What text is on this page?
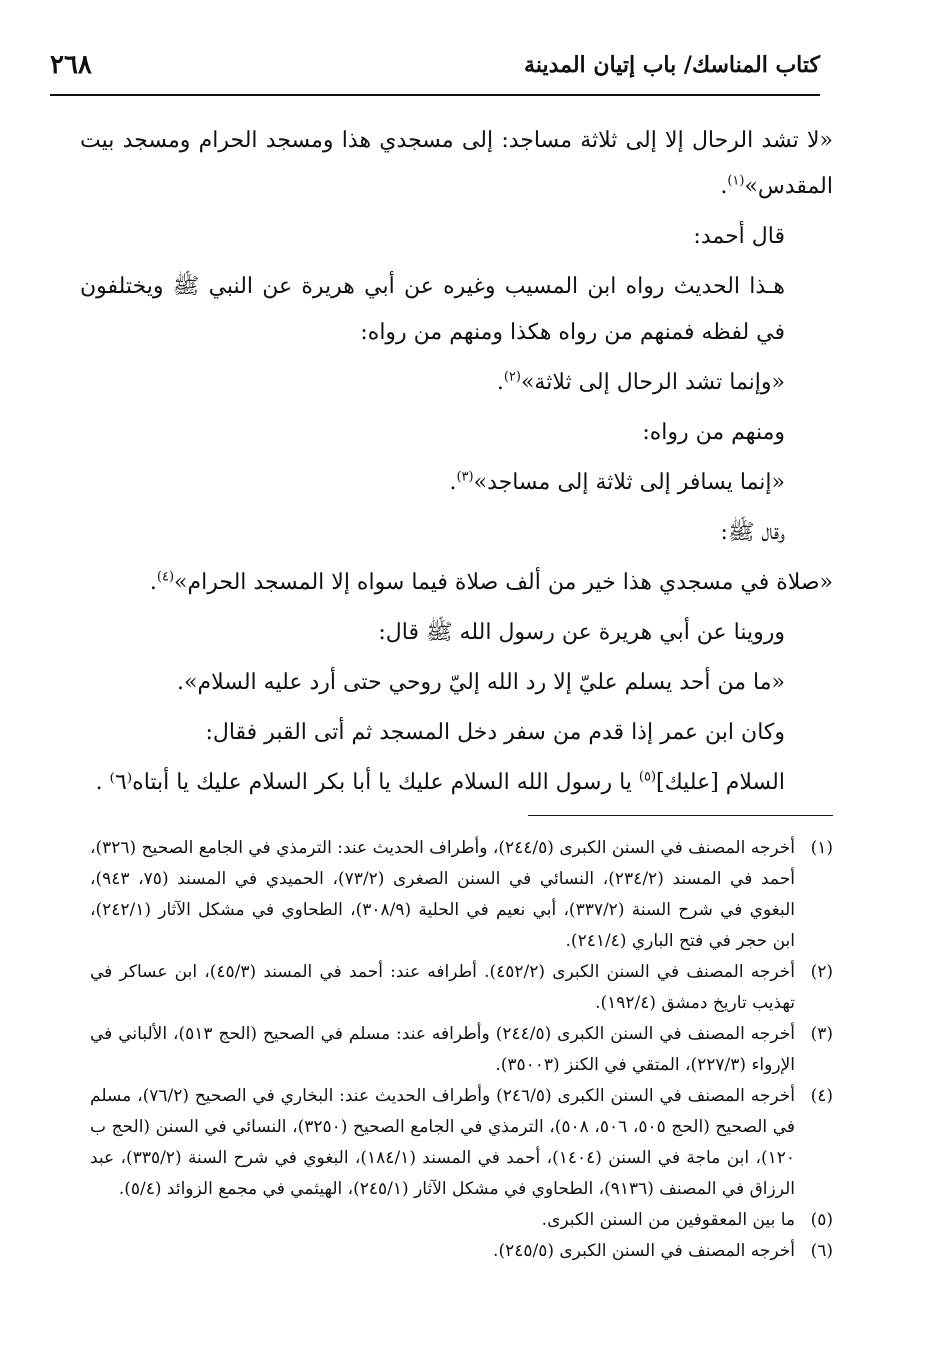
٢٦٨	كتاب المناسك/ باب إتيان المدينة

«لا تشد الرحال إلا إلى ثلاثة مساجد: إلى مسجدي هذا ومسجد الحرام ومسجد بيت المقدس»$^{(١)}$.

قال أحمد:

هـذا الحديث رواه ابن المسيب وغيره عن أبي هريرة عن النبي ﷺ ويختلفون في لفظه فمنهم من رواه هكذا ومنهم من رواه:

«وإنما تشد الرحال إلى ثلاثة»$^{(٢)}$.

ومنهم من رواه:

«إنما يسافر إلى ثلاثة إلى مساجد»$^{(٣)}$.

وقال ﷺ:

«صلاة في مسجدي هذا خير من ألف صلاة فيما سواه إلا المسجد الحرام»$^{(٤)}$.

وروينا عن أبي هريرة عن رسول الله ﷺ قال:

«ما من أحد يسلم عليّ إلا رد الله إليّ روحي حتى أرد عليه السلام».

وكان ابن عمر إذا قدم من سفر دخل المسجد ثم أتى القبر فقال:

السلام [عليك]$^{(٥)}$ يا رسول الله السلام عليك يا أبا بكر السلام عليك يا أبتاه⁽٦⁾ .

(١)
أخرجه المصنف في السنن الكبرى (٢٤٤/٥)، وأطراف الحديث عند: الترمذي في الجامع الصحيح (٣٢٦)، أحمد في المسند (٢٣٤/٢)، النسائي في السنن الصغرى (٧٣/٢)، الحميدي في المسند (٧٥، ٩٤٣)، البغوي في شرح السنة (٣٣٧/٢)، أبي نعيم في الحلية (٣٠٨/٩)، الطحاوي في مشكل الآثار (٢٤٢/١)، ابن حجر في فتح الباري (٢٤١/٤).
(٢)
أخرجه المصنف في السنن الكبرى (٤٥٢/٢). أطرافه عند: أحمد في المسند (٤٥/٣)، ابن عساكر في تهذيب تاريخ دمشق (١٩٢/٤).
(٣)
أخرجه المصنف في السنن الكبرى (٢٤٤/٥) وأطرافه عند: مسلم في الصحيح (الحج ٥١٣)، الألباني في الإرواء (٢٢٧/٣)، المتقي في الكنز (٣٥٠٠٣).
(٤)
أخرجه المصنف في السنن الكبرى (٢٤٦/٥) وأطراف الحديث عند: البخاري في الصحيح (٧٦/٢)، مسلم في الصحيح (الحج ٥٠٥، ٥٠٦، ٥٠٨)، الترمذي في الجامع الصحيح (٣٢٥٠)، النسائي في السنن (الحج ب ١٢٠)، ابن ماجة في السنن (١٤٠٤)، أحمد في المسند (١٨٤/١)، البغوي في شرح السنة (٣٣٥/٢)، عبد الرزاق في المصنف (٩١٣٦)، الطحاوي في مشكل الآثار (٢٤٥/١)، الهيثمي في مجمع الزوائد (٥/٤).
(٥)
ما بين المعقوفين من السنن الكبرى.
(٦)
أخرجه المصنف في السنن الكبرى (٢٤٥/٥).
